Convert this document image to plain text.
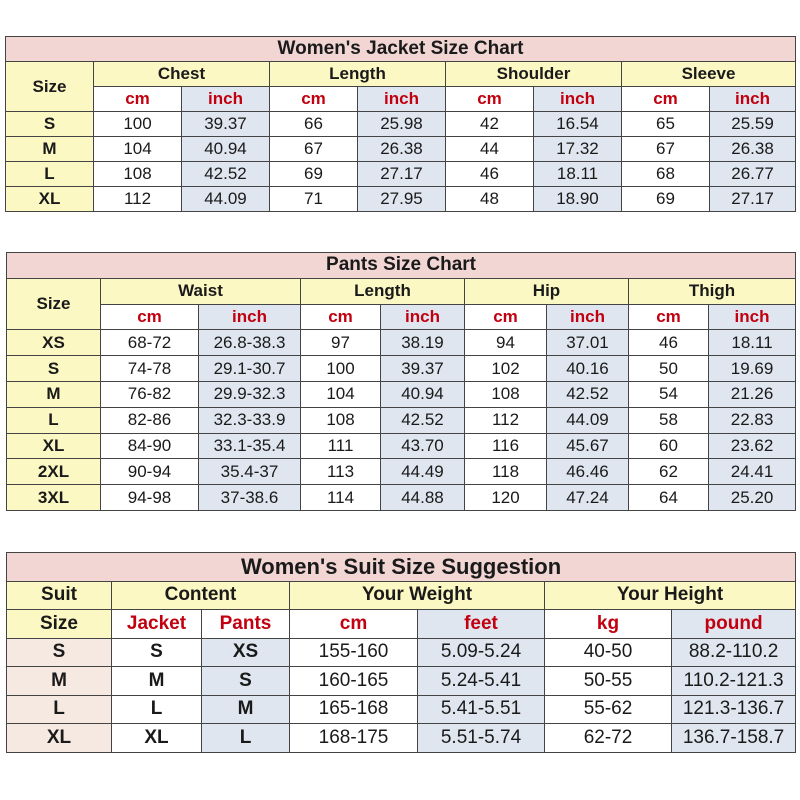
Women's Jacket Size Chart								
Size	Chest		Length		Shoulder		Sleeve	
	cm	inch	cm	inch	cm	inch	cm	inch
S	100	39.37	66	25.98	42	16.54	65	25.59
M	104	40.94	67	26.38	44	17.32	67	26.38
L	108	42.52	69	27.17	46	18.11	68	26.77
XL	112	44.09	71	27.95	48	18.90	69	27.17
Pants Size Chart								
Size	Waist		Length		Hip		Thigh	
	cm	inch	cm	inch	cm	inch	cm	inch
XS	68-72	26.8-38.3	97	38.19	94	37.01	46	18.11
S	74-78	29.1-30.7	100	39.37	102	40.16	50	19.69
M	76-82	29.9-32.3	104	40.94	108	42.52	54	21.26
L	82-86	32.3-33.9	108	42.52	112	44.09	58	22.83
XL	84-90	33.1-35.4	111	43.70	116	45.67	60	23.62
2XL	90-94	35.4-37	113	44.49	118	46.46	62	24.41
3XL	94-98	37-38.6	114	44.88	120	47.24	64	25.20
Women's Suit Size Suggestion						
Suit	Content		Your Weight		Your Height	
Size	Jacket	Pants	cm	feet	kg	pound
S	S	XS	155-160	5.09-5.24	40-50	88.2-110.2
M	M	S	160-165	5.24-5.41	50-55	110.2-121.3
L	L	M	165-168	5.41-5.51	55-62	121.3-136.7
XL	XL	L	168-175	5.51-5.74	62-72	136.7-158.7
